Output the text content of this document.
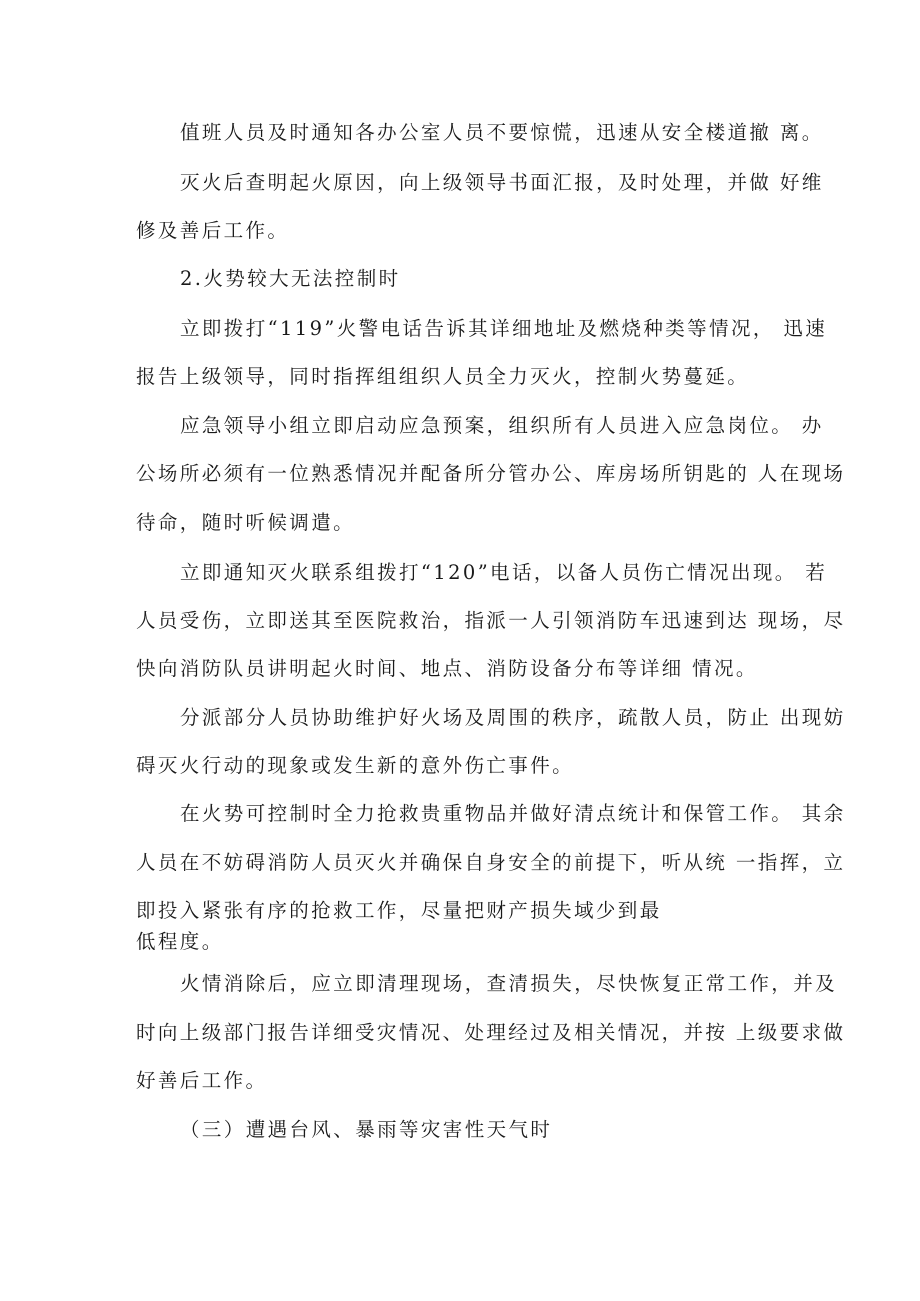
值班人员及时通知各办公室人员不要惊慌，迅速从安全楼道撤 离。

灭火后查明起火原因，向上级领导书面汇报，及时处理，并做 好维

修及善后工作。

2.火势较大无法控制时

立即拨打“119”火警电话告诉其详细地址及燃烧种类等情况， 迅速

报告上级领导，同时指挥组组织人员全力灭火，控制火势蔓延。

应急领导小组立即启动应急预案，组织所有人员进入应急岗位。 办

公场所必须有一位熟悉情况并配备所分管办公、库房场所钥匙的 人在现场

待命，随时听候调遣。

立即通知灭火联系组拨打“120”电话，以备人员伤亡情况出现。 若

人员受伤，立即送其至医院救治，指派一人引领消防车迅速到达 现场，尽

快向消防队员讲明起火时间、地点、消防设备分布等详细 情况。

分派部分人员协助维护好火场及周围的秩序，疏散人员，防止 出现妨

碍灭火行动的现象或发生新的意外伤亡事件。

在火势可控制时全力抢救贵重物品并做好清点统计和保管工作。 其余

人员在不妨碍消防人员灭火并确保自身安全的前提下，听从统 一指挥，立

即投入紧张有序的抢救工作，尽量把财产损失域少到最

低程度。

火情消除后，应立即清理现场，查清损失，尽快恢复正常工作，并及

时向上级部门报告详细受灾情况、处理经过及相关情况，并按 上级要求做

好善后工作。

（三）遭遇台风、暴雨等灾害性天气时
